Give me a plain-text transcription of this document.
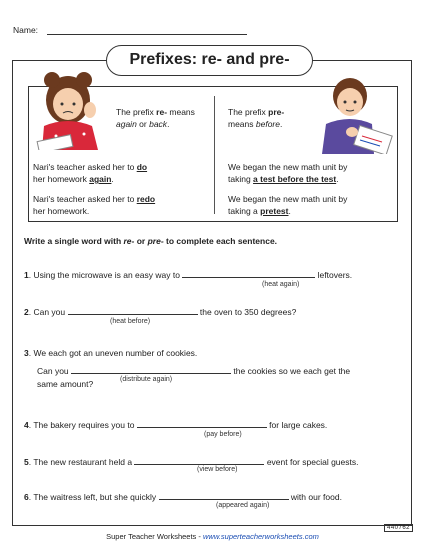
Name:
Prefixes: re- and pre-
The prefix re- means
again or back.
Nari's teacher asked her to do
her homework again.
Nari's teacher asked her to redo
her homework.
The prefix pre-
means before.
We began the new math unit by
taking a test before the test.
We began the new math unit by
taking a pretest.
Write a single word with re- or pre- to complete each sentence.
1. Using the microwave is an easy way to	leftovers.
(heat again)
2. Can you	the oven to 350 degrees?
(heat before)
3. We each got an uneven number of cookies.
Can you	the cookies so we each get the
(distribute again)
same amount?
4. The bakery requires you to	for large cakes.
(pay before)
5. The new restaurant held a	event for special guests.
(view before)
6. The waitress left, but she quickly	with our food.
(appeared again)
440762
Super Teacher Worksheets - www.superteacherworksheets.com
